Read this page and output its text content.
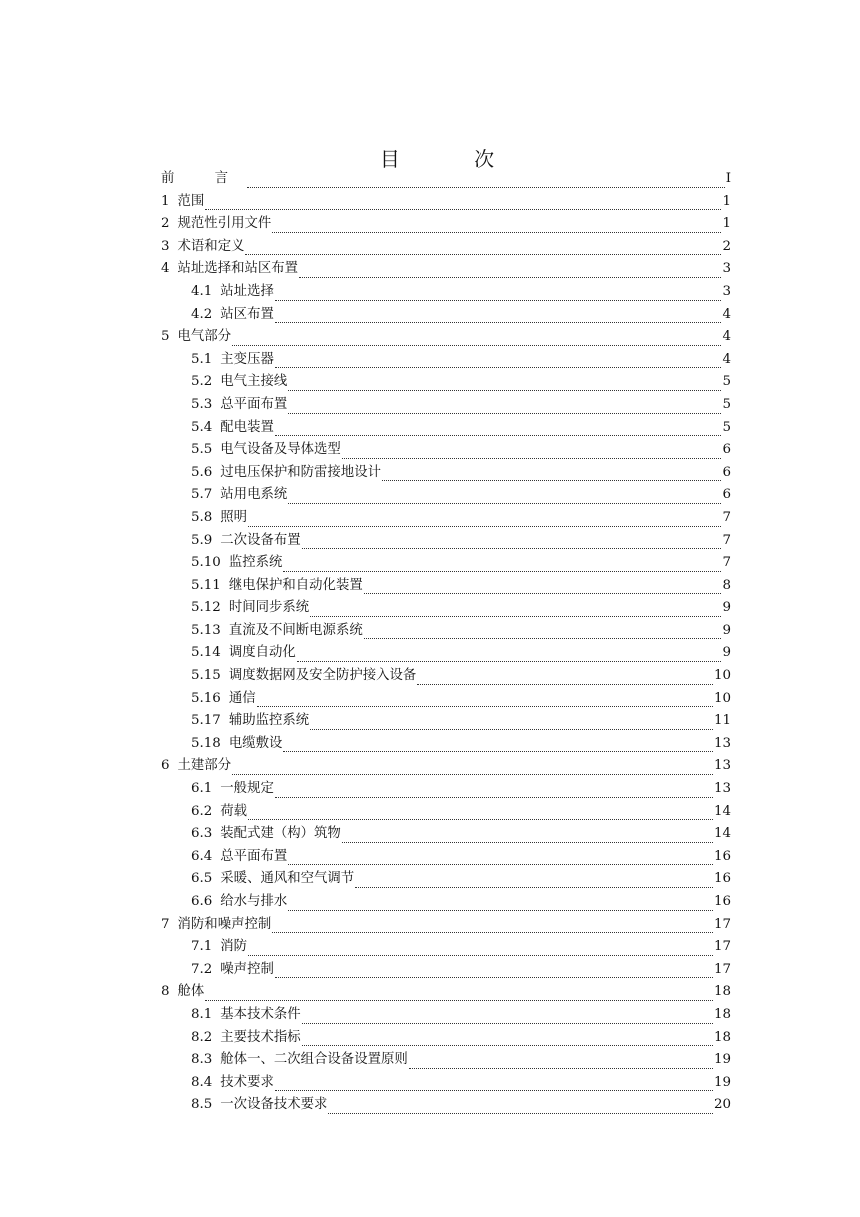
目 次
前 言	I
1 范围	1
2 规范性引用文件	1
3 术语和定义	2
4 站址选择和站区布置	3
4.1 站址选择	3
4.2 站区布置	4
5 电气部分	4
5.1 主变压器	4
5.2 电气主接线	5
5.3 总平面布置	5
5.4 配电装置	5
5.5 电气设备及导体选型	6
5.6 过电压保护和防雷接地设计	6
5.7 站用电系统	6
5.8 照明	7
5.9 二次设备布置	7
5.10 监控系统	7
5.11 继电保护和自动化装置	8
5.12 时间同步系统	9
5.13 直流及不间断电源系统	9
5.14 调度自动化	9
5.15 调度数据网及安全防护接入设备	10
5.16 通信	10
5.17 辅助监控系统	11
5.18 电缆敷设	13
6 土建部分	13
6.1 一般规定	13
6.2 荷载	14
6.3 装配式建（构）筑物	14
6.4 总平面布置	16
6.5 采暖、通风和空气调节	16
6.6 给水与排水	16
7 消防和噪声控制	17
7.1 消防	17
7.2 噪声控制	17
8 舱体	18
8.1 基本技术条件	18
8.2 主要技术指标	18
8.3 舱体一、二次组合设备设置原则	19
8.4 技术要求	19
8.5 一次设备技术要求	20
